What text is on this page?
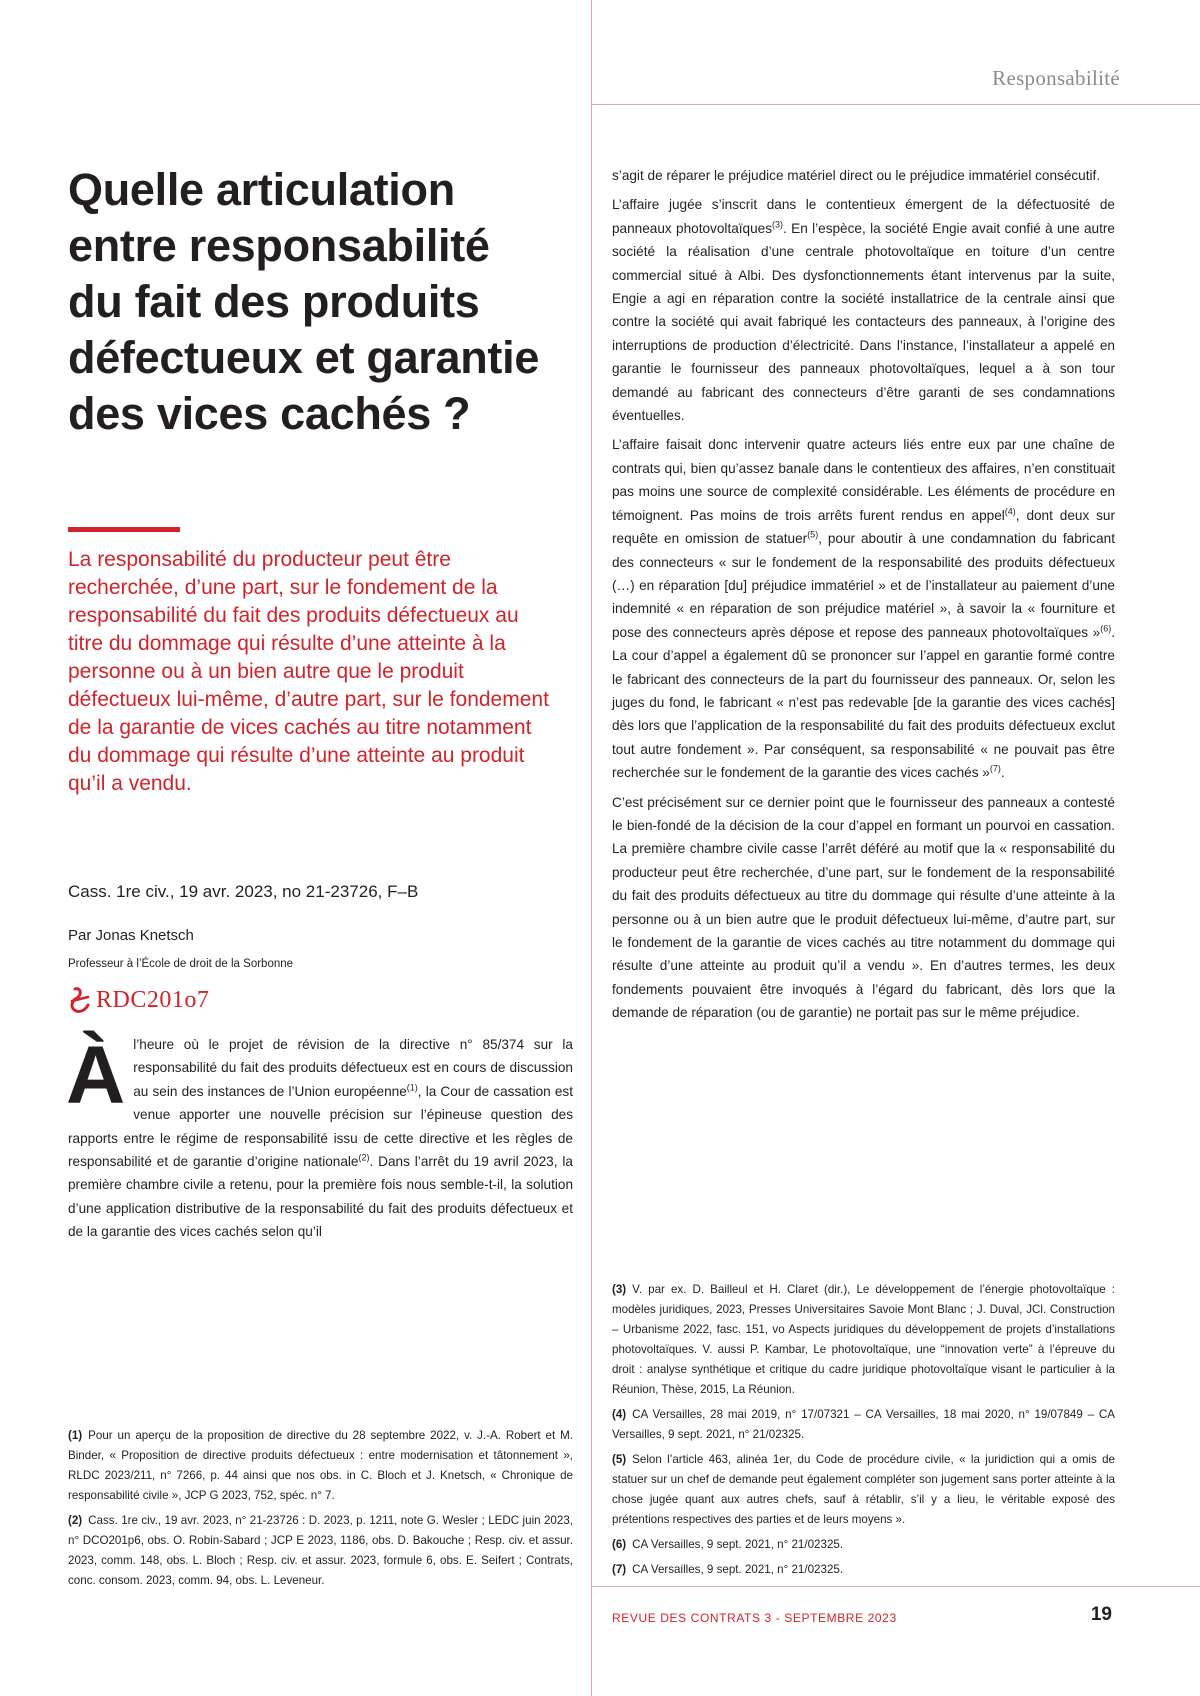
Responsabilité

Quelle articulation entre responsabilité du fait des produits défectueux et garantie des vices cachés ?

La responsabilité du producteur peut être recherchée, d’une part, sur le fondement de la responsabilité du fait des produits défectueux au titre du dommage qui résulte d’une atteinte à la personne ou à un bien autre que le produit défectueux lui-même, d’autre part, sur le fondement de la garantie de vices cachés au titre notamment du dommage qui résulte d’une atteinte au produit qu’il a vendu.

Cass. 1re civ., 19 avr. 2023, no 21-23726, F–B

Par Jonas Knetsch

Professeur à l’École de droit de la Sorbonne

RDC201o7
À l’heure où le projet de révision de la directive n° 85/374 sur la responsabilité du fait des produits défectueux est en cours de discussion au sein des instances de l’Union européenne$^{(1)}$, la Cour de cassation est venue apporter une nouvelle précision sur l’épineuse question des rapports entre le régime de responsabilité issu de cette directive et les règles de responsabilité et de garantie d’origine nationale$^{(2)}$. Dans l’arrêt du 19 avril 2023, la première chambre civile a retenu, pour la première fois nous semble-t-il, la solution d’une application distributive de la responsabilité du fait des produits défectueux et de la garantie des vices cachés selon qu’il

s’agit de réparer le préjudice matériel direct ou le préjudice immatériel consécutif.

L’affaire jugée s’inscrit dans le contentieux émergent de la défectuosité de panneaux photovoltaïques$^{(3)}$. En l’espèce, la société Engie avait confié à une autre société la réalisation d’une centrale photovoltaïque en toiture d’un centre commercial situé à Albi. Des dysfonctionnements étant intervenus par la suite, Engie a agi en réparation contre la société installatrice de la centrale ainsi que contre la société qui avait fabriqué les contacteurs des panneaux, à l’origine des interruptions de production d’électricité. Dans l’instance, l’installateur a appelé en garantie le fournisseur des panneaux photovoltaïques, lequel a à son tour demandé au fabricant des connecteurs d’être garanti de ses condamnations éventuelles.

L’affaire faisait donc intervenir quatre acteurs liés entre eux par une chaîne de contrats qui, bien qu’assez banale dans le contentieux des affaires, n’en constituait pas moins une source de complexité considérable. Les éléments de procédure en témoignent. Pas moins de trois arrêts furent rendus en appel$^{(4)}$, dont deux sur requête en omission de statuer$^{(5)}$, pour aboutir à une condamnation du fabricant des connecteurs « sur le fondement de la responsabilité des produits défectueux (…) en réparation [du] préjudice immatériel » et de l’installateur au paiement d’une indemnité « en réparation de son préjudice matériel », à savoir la « fourniture et pose des connecteurs après dépose et repose des panneaux photovoltaïques »$^{(6)}$. La cour d’appel a également dû se prononcer sur l’appel en garantie formé contre le fabricant des connecteurs de la part du fournisseur des panneaux. Or, selon les juges du fond, le fabricant « n’est pas redevable [de la garantie des vices cachés] dès lors que l’application de la responsabilité du fait des produits défectueux exclut tout autre fondement ». Par conséquent, sa responsabilité « ne pouvait pas être recherchée sur le fondement de la garantie des vices cachés »$^{(7)}$.

C’est précisément sur ce dernier point que le fournisseur des panneaux a contesté le bien-fondé de la décision de la cour d’appel en formant un pourvoi en cassation. La première chambre civile casse l’arrêt déféré au motif que la « responsabilité du producteur peut être recherchée, d’une part, sur le fondement de la responsabilité du fait des produits défectueux au titre du dommage qui résulte d’une atteinte à la personne ou à un bien autre que le produit défectueux lui-même, d’autre part, sur le fondement de la garantie de vices cachés au titre notamment du dommage qui résulte d’une atteinte au produit qu’il a vendu ». En d’autres termes, les deux fondements pouvaient être invoqués à l’égard du fabricant, dès lors que la demande de réparation (ou de garantie) ne portait pas sur le même préjudice.

(1) Pour un aperçu de la proposition de directive du 28 septembre 2022, v. J.-A. Robert et M. Binder, « Proposition de directive produits défectueux : entre modernisation et tâtonnement », RLDC 2023/211, n° 7266, p. 44 ainsi que nos obs. in C. Bloch et J. Knetsch, « Chronique de responsabilité civile », JCP G 2023, 752, spéc. n° 7.

(2) Cass. 1re civ., 19 avr. 2023, n° 21-23726 : D. 2023, p. 1211, note G. Wesler ; LEDC juin 2023, n° DCO201p6, obs. O. Robin-Sabard ; JCP E 2023, 1186, obs. D. Bakouche ; Resp. civ. et assur. 2023, comm. 148, obs. L. Bloch ; Resp. civ. et assur. 2023, formule 6, obs. E. Seifert ; Contrats, conc. consom. 2023, comm. 94, obs. L. Leveneur.

(3) V. par ex. D. Bailleul et H. Claret (dir.), Le développement de l’énergie photovoltaïque : modèles juridiques, 2023, Presses Universitaires Savoie Mont Blanc ; J. Duval, JCl. Construction – Urbanisme 2022, fasc. 151, vo Aspects juridiques du développement de projets d’installations photovoltaïques. V. aussi P. Kambar, Le photovoltaïque, une “innovation verte” à l’épreuve du droit : analyse synthétique et critique du cadre juridique photovoltaïque visant le particulier à la Réunion, Thèse, 2015, La Réunion.

(4) CA Versailles, 28 mai 2019, n° 17/07321 – CA Versailles, 18 mai 2020, n° 19/07849 – CA Versailles, 9 sept. 2021, n° 21/02325.

(5) Selon l’article 463, alinéa 1er, du Code de procédure civile, « la juridiction qui a omis de statuer sur un chef de demande peut également compléter son jugement sans porter atteinte à la chose jugée quant aux autres chefs, sauf à rétablir, s’il y a lieu, le véritable exposé des prétentions respectives des parties et de leurs moyens ».

(6) CA Versailles, 9 sept. 2021, n° 21/02325.

(7) CA Versailles, 9 sept. 2021, n° 21/02325.

REVUE DES CONTRATS 3 - SEPTEMBRE 2023	19
